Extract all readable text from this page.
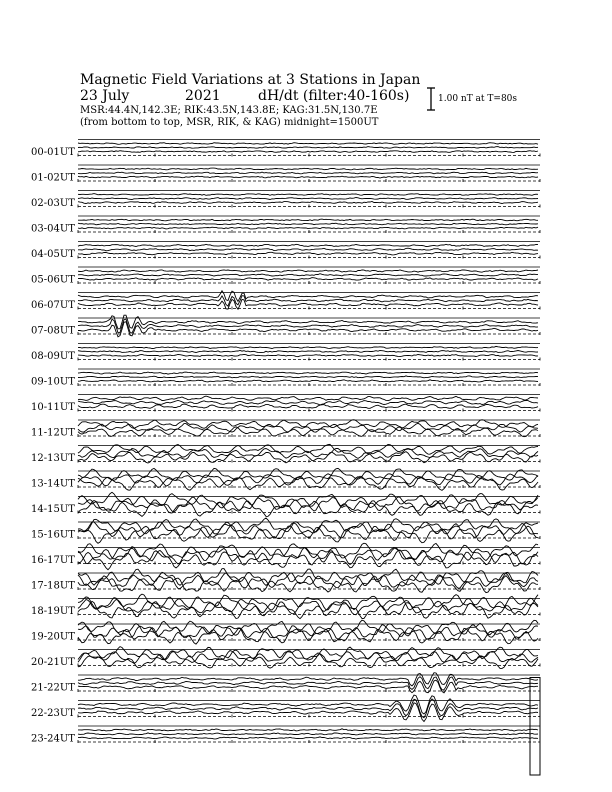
Magnetic Field Variations at 3 Stations in Japan
23 July	2021	dH/dt (filter:40-160s)
MSR:44.4N,142.3E; RIK:43.5N,143.8E; KAG:31.5N,130.7E
(from bottom to top, MSR, RIK, & KAG) midnight=1500UT
1.00 nT at T=80s
00-01UT
01-02UT
02-03UT
03-04UT
04-05UT
05-06UT
06-07UT
07-08UT
08-09UT
09-10UT
10-11UT
11-12UT
12-13UT
13-14UT
14-15UT
15-16UT
16-17UT
17-18UT
18-19UT
19-20UT
20-21UT
21-22UT
22-23UT
23-24UT
